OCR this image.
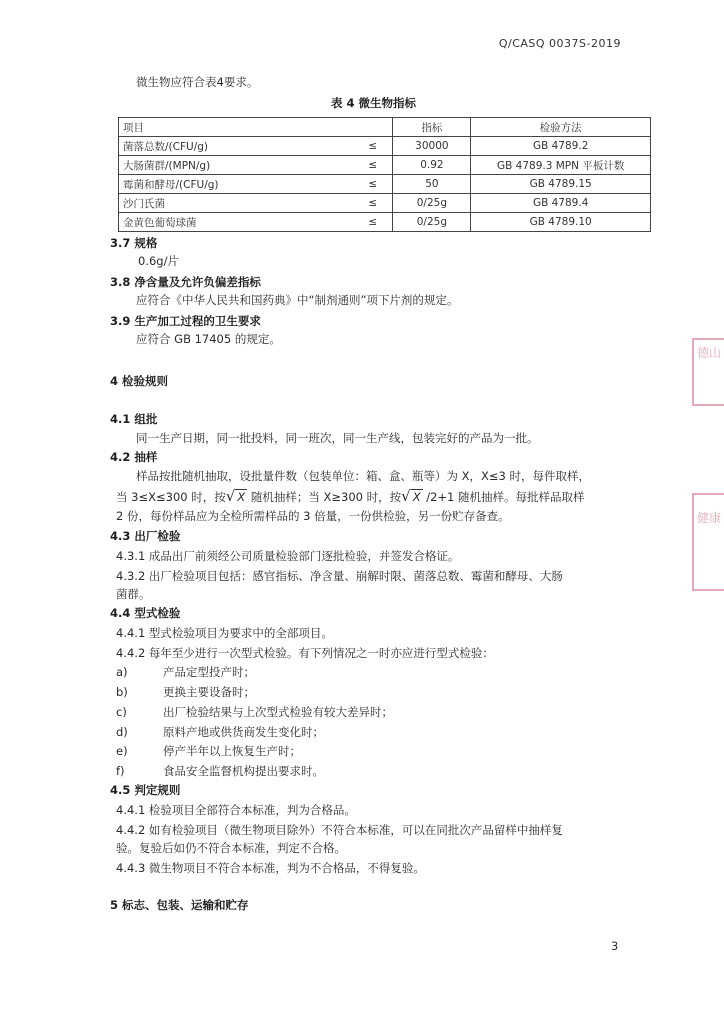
Q/CASQ 0037S-2019
微生物应符合表4要求。
表 4 微生物指标
项目		指标	检验方法
菌落总数/(CFU/g)	≤	30000	GB 4789.2
大肠菌群/(MPN/g)	≤	0.92	GB 4789.3 MPN 平板计数
霉菌和酵母/(CFU/g)	≤	50	GB 4789.15
沙门氏菌	≤	0/25g	GB 4789.4
金黄色葡萄球菌	≤	0/25g	GB 4789.10
3.7 规格
0.6g/片
3.8 净含量及允许负偏差指标
应符合《中华人民共和国药典》中“制剂通则”项下片剂的规定。
3.9 生产加工过程的卫生要求
应符合 GB 17405 的规定。
4 检验规则
4.1 组批
同一生产日期，同一批投料，同一班次，同一生产线，包装完好的产品为一批。
4.2 抽样
样品按批随机抽取，设批量件数（包装单位：箱、盒、瓶等）为 X，X≤3 时，每件取样，
当 3≤X≤300 时，按√ X 随机抽样；当 X≥300 时，按√ X /2+1 随机抽样。每批样品取样
2 份，每份样品应为全检所需样品的 3 倍量，一份供检验，另一份贮存备查。
4.3 出厂检验
4.3.1 成品出厂前须经公司质量检验部门逐批检验，并签发合格证。
4.3.2 出厂检验项目包括：感官指标、净含量、崩解时限、菌落总数、霉菌和酵母、大肠
菌群。
4.4 型式检验
4.4.1 型式检验项目为要求中的全部项目。
4.4.2 每年至少进行一次型式检验。有下列情况之一时亦应进行型式检验：
a)	产品定型投产时；
b)	更换主要设备时；
c)	出厂检验结果与上次型式检验有较大差异时；
d)	原料产地或供货商发生变化时；
e)	停产半年以上恢复生产时；
f)	食品安全监督机构提出要求时。
4.5 判定规则
4.4.1 检验项目全部符合本标准，判为合格品。
4.4.2 如有检验项目（微生物项目除外）不符合本标准，可以在同批次产品留样中抽样复
验。复验后如仍不符合本标准，判定不合格。
4.4.3 微生物项目不符合本标准，判为不合格品，不得复验。
5 标志、包装、运输和贮存
3
德山
健康
